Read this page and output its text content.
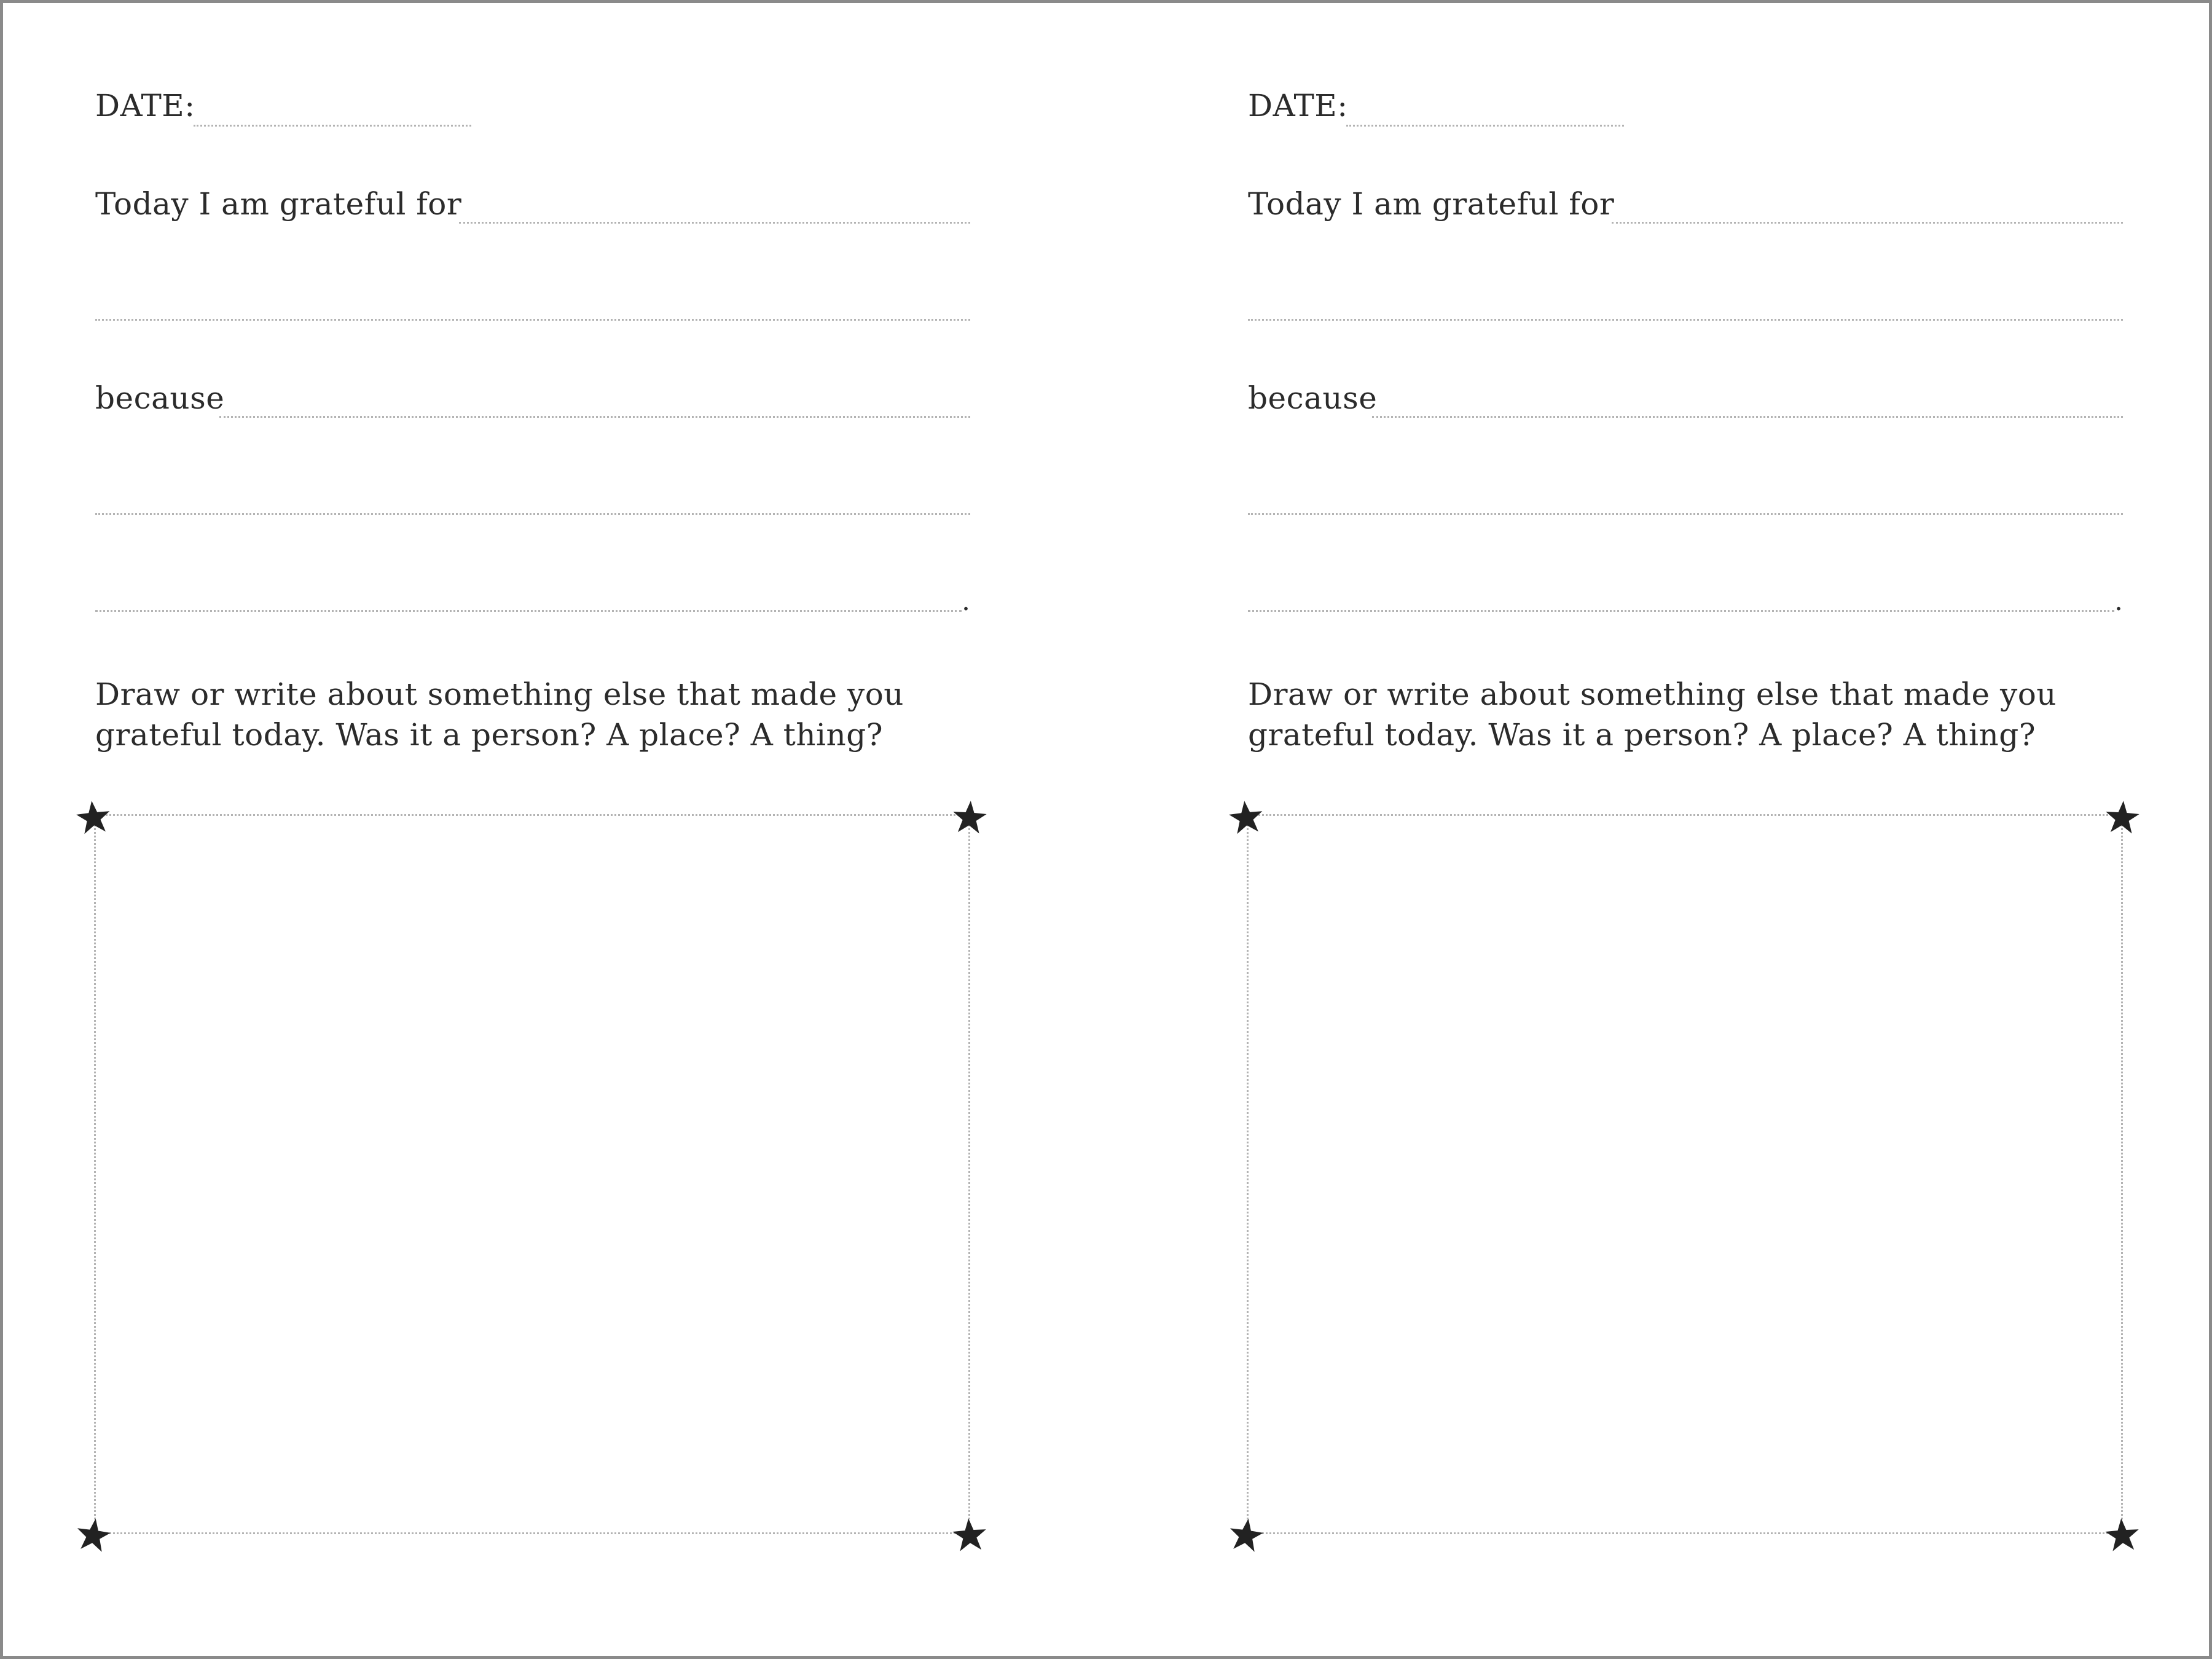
DATE:
Today I am grateful for
because
.
Draw or write about something else that made you
grateful today. Was it a person? A place? A thing?
DATE:
Today I am grateful for
because
.
Draw or write about something else that made you
grateful today. Was it a person? A place? A thing?
